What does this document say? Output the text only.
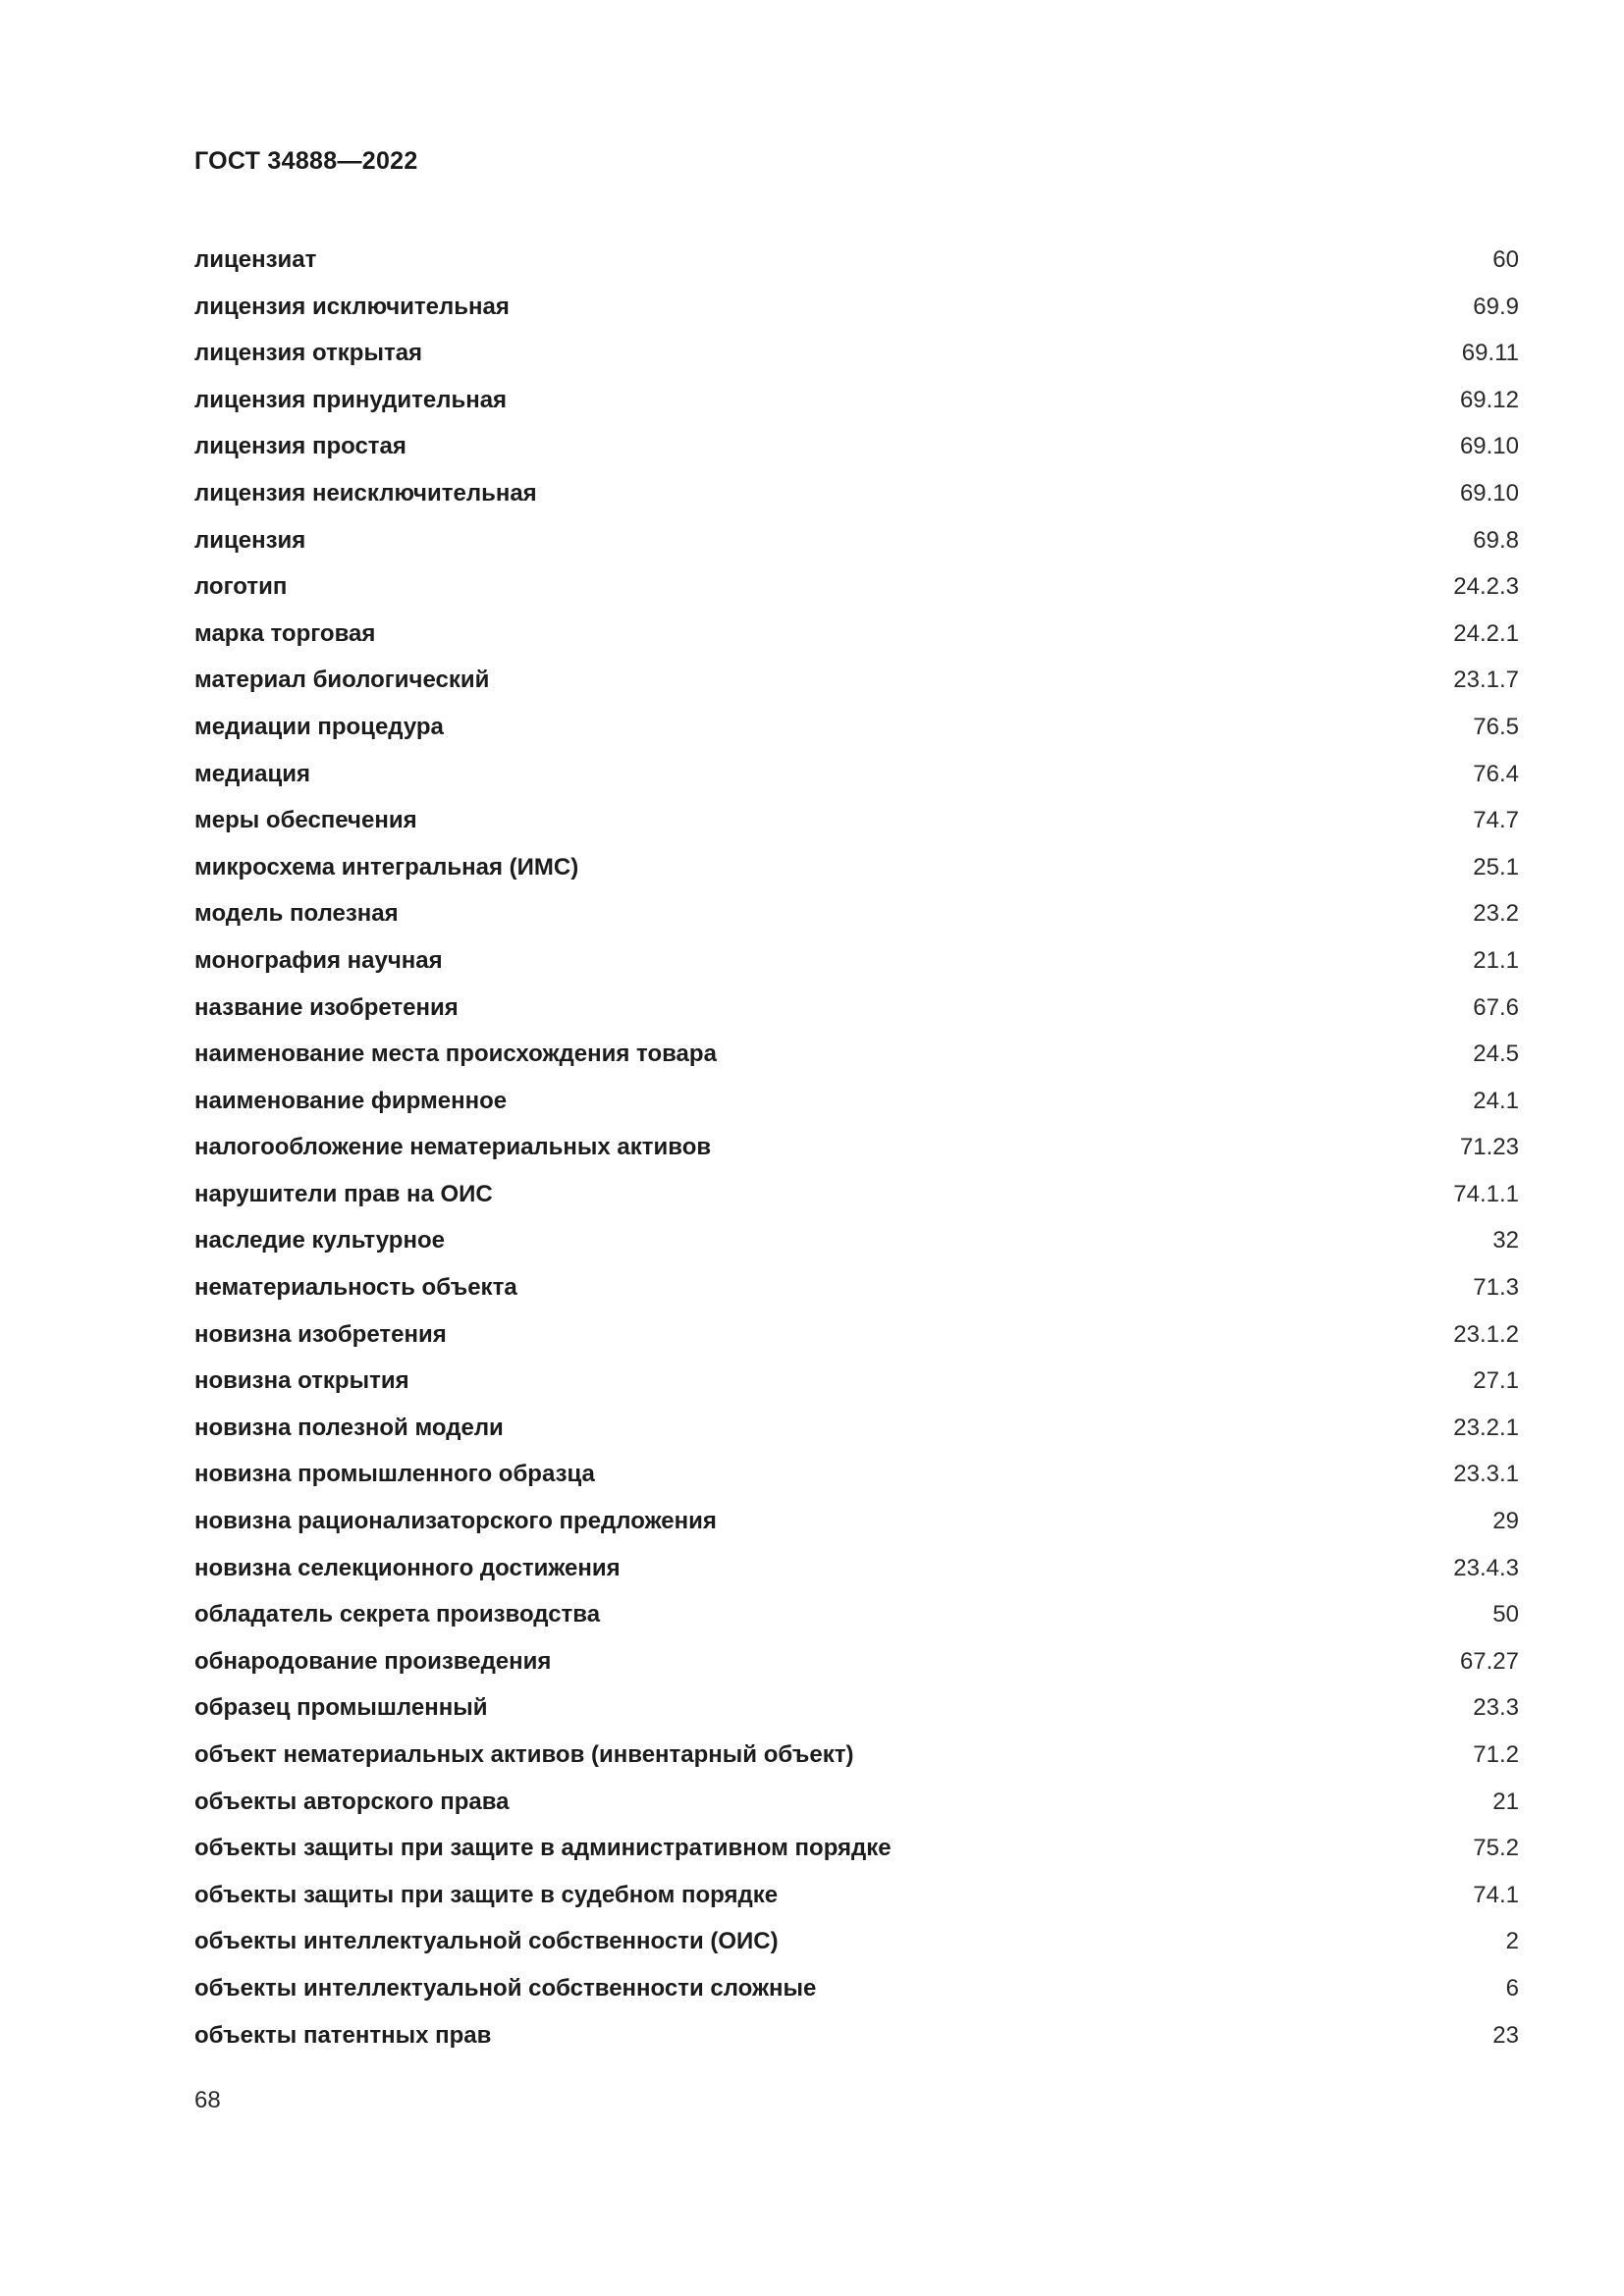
ГОСТ 34888—2022
лицензиат	60
лицензия исключительная	69.9
лицензия открытая	69.11
лицензия принудительная	69.12
лицензия простая	69.10
лицензия неисключительная	69.10
лицензия	69.8
логотип	24.2.3
марка торговая	24.2.1
материал биологический	23.1.7
медиации процедура	76.5
медиация	76.4
меры обеспечения	74.7
микросхема интегральная (ИМС)	25.1
модель полезная	23.2
монография научная	21.1
название изобретения	67.6
наименование места происхождения товара	24.5
наименование фирменное	24.1
налогообложение нематериальных активов	71.23
нарушители прав на ОИС	74.1.1
наследие культурное	32
нематериальность объекта	71.3
новизна изобретения	23.1.2
новизна открытия	27.1
новизна полезной модели	23.2.1
новизна промышленного образца	23.3.1
новизна рационализаторского предложения	29
новизна селекционного достижения	23.4.3
обладатель секрета производства	50
обнародование произведения	67.27
образец промышленный	23.3
объект нематериальных активов (инвентарный объект)	71.2
объекты авторского права	21
объекты защиты при защите в административном порядке	75.2
объекты защиты при защите в судебном порядке	74.1
объекты интеллектуальной собственности (ОИС)	2
объекты интеллектуальной собственности сложные	6
объекты патентных прав	23
68
